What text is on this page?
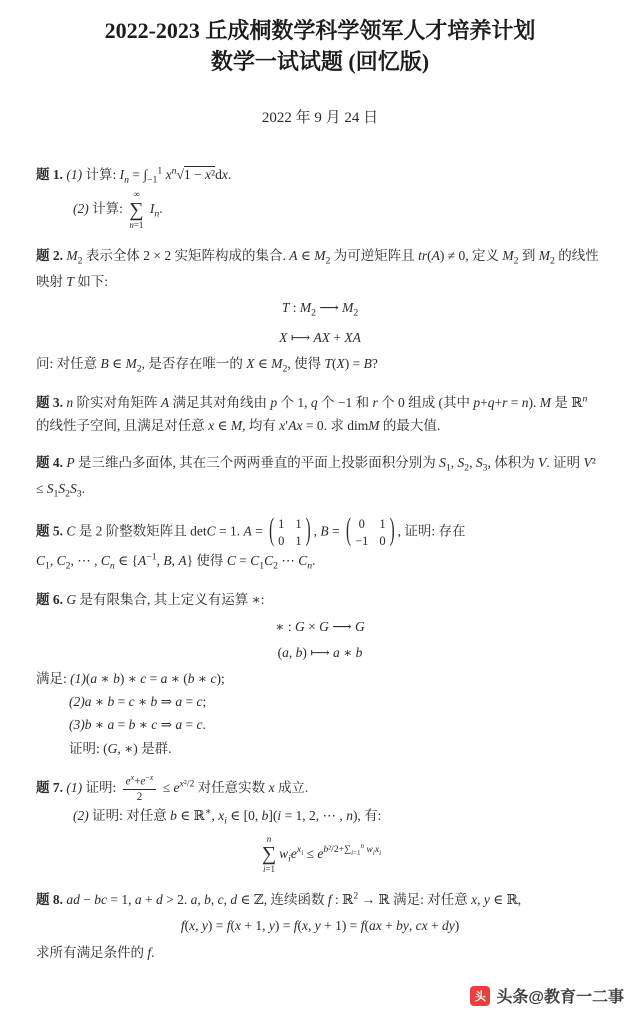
2022-2023 丘成桐数学科学领军人才培养计划
数学一试试题 (回忆版)
2022 年 9 月 24 日
题 1. (1) 计算: $I_n = \int_{-1}^1$ $x^n√1 - x^2dx$.
(2) 计算:
∞
∑
n=1
$I_n$.
题 2. $M_2$ 表示全体 2 × 2 实矩阵构成的集合. A ∈ $M_2$ 为可逆矩阵且 tr(A) ≠ 0, 定义 $M_2$ 到 $M_2$ 的线性映射 T 如下:
T : $M_2$ ⟶ $M_2$
X ⟼ AX + XA
问: 对任意 B ∈ $M_2$, 是否存在唯一的 X ∈ $M_2$, 使得 T(X) = B?
题 3. n 阶实对角矩阵 A 满足其对角线由 p 个 1, q 个 −1 和 r 个 0 组成 (其中 p+q+r = n). M 是 ℝ$^n$ 的线性子空间, 且满足对任意 x ∈ M, 均有 x′Ax = 0. 求 dimM 的最大值.
题 4. P 是三维凸多面体, 其在三个两两垂直的平面上投影面积分别为 $S_1$, $S_2$, $S_3$, 体积为 V. 证明 $V^2 \le S_1S_2S_3$.
题 5. C 是 2 阶整数矩阵且 detC = 1. A = ( 1 1
0 1 ) , B = ( 0 1
−1 0 ) , 证明: 存在
$C_1$, $C_2$, ⋯ , $C_n$ ∈ {$A^{-1}$, B, A} 使得 $C = C_1C_2$ ⋯ $C_n$.
题 6. G 是有限集合, 其上定义有运算 ∗:
∗ : G × G ⟶ G
(a, b) ⟼ a ∗ b
满足: (1)(a ∗ b) ∗ c = a ∗ (b ∗ c);
(2)a ∗ b = c ∗ b ⇒ a = c;
(3)b ∗ a = b ∗ c ⇒ a = c.
证明: (G, ∗) 是群.
题 7. (1) 证明: $\frac{e^x+e^{-x}}{2} \le e^{x^2/2}$ 对任意实数 x 成立.
(2) 证明: 对任意 b ∈ ℝ∗, $x_i$ ∈ [0, b](i = 1, 2, ⋯ , n), 有:
n
∑
i=1
$w_ie^{x_i} \le e^{b^2/2+\sum_{i=1}^n w_ix_i}$
题 8. ad − bc = 1, a + d > 2. a, b, c, d ∈ ℤ, 连续函数 f : ℝ$^2$ → ℝ 满足: 对任意 x, y ∈ ℝ,
f(x, y) = f(x + 1, y) = f(x, y + 1) = f(ax + by, cx + dy)
求所有满足条件的 f.
头 头条@教育一二事
